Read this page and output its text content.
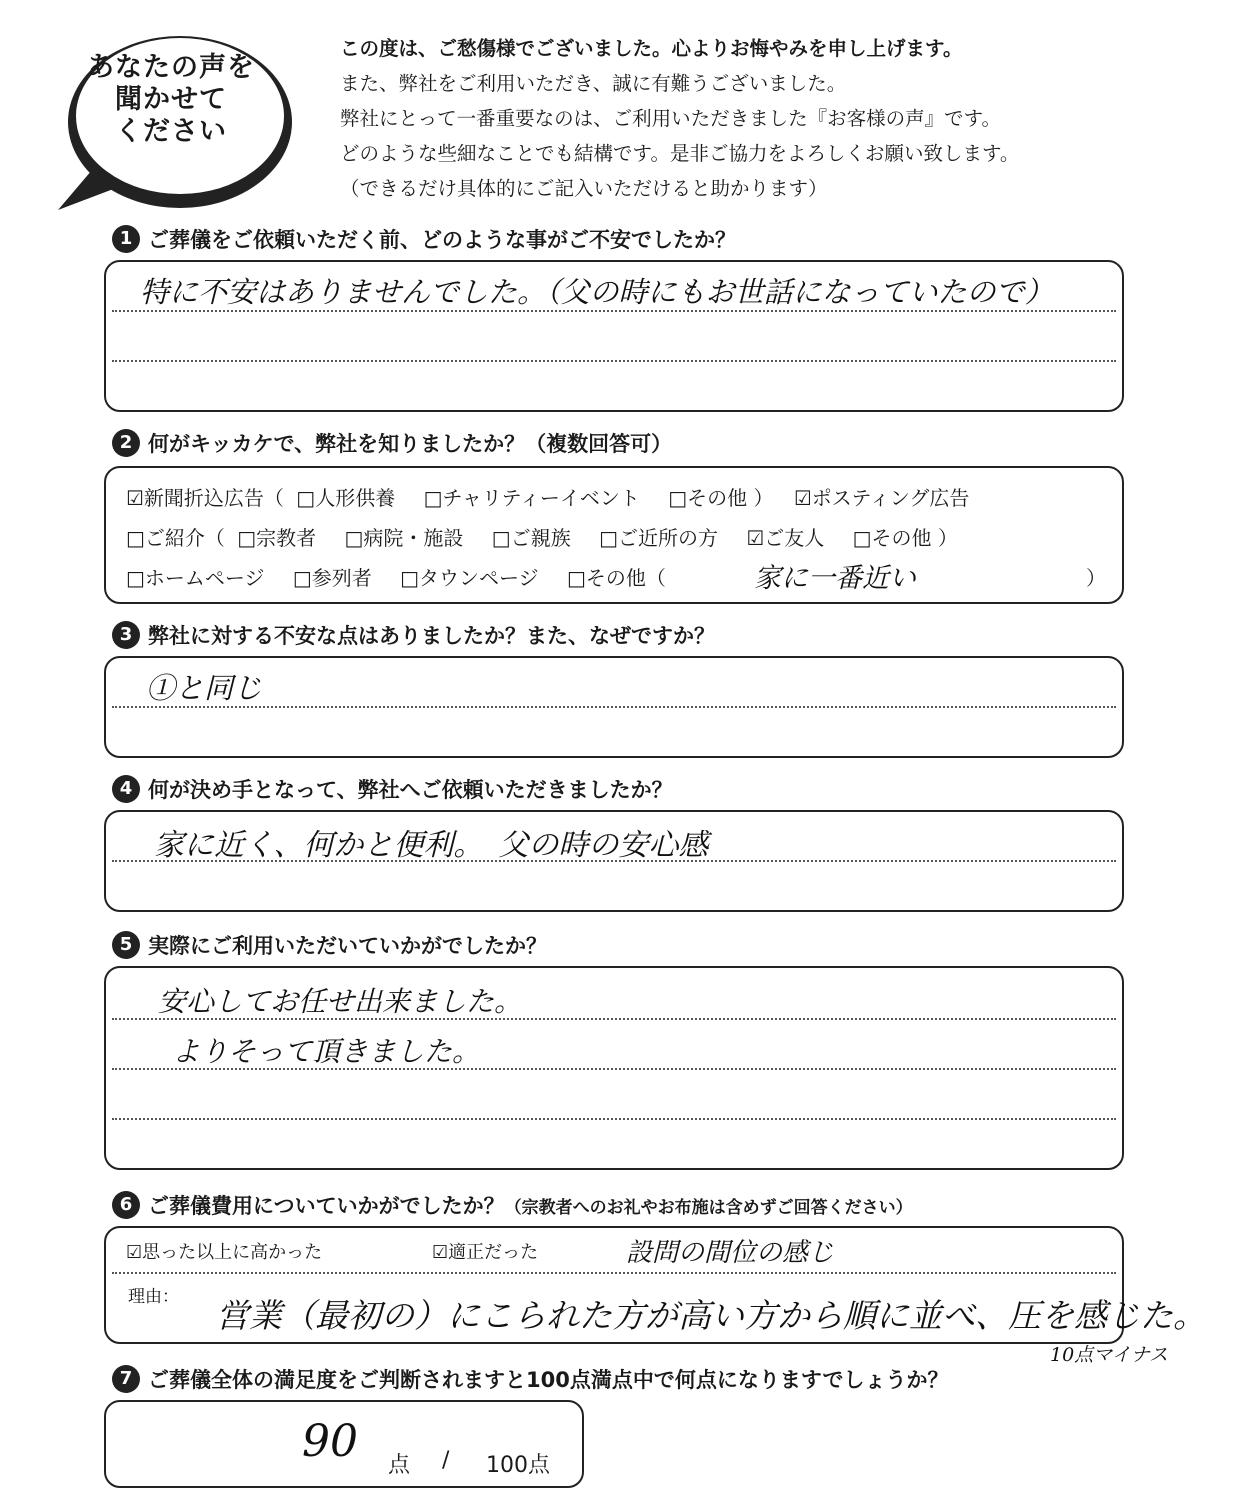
あなたの声を
聞かせて
ください
この度は、ご愁傷様でございました。心よりお悔やみを申し上げます。
また、弊社をご利用いただき、誠に有難うございました。
弊社にとって一番重要なのは、ご利用いただきました『お客様の声』です。
どのような些細なことでも結構です。是非ご協力をよろしくお願い致します。
（できるだけ具体的にご記入いただけると助かります）
1 ご葬儀をご依頼いただく前、どのような事がご不安でしたか？
特に不安はありませんでした。（父の時にもお世話になっていたので）
2 何がキッカケで、弊社を知りましたか？（複数回答可）
☑新聞折込広告（ □人形供養 □チャリティーイベント □その他 ） ☑ポスティング広告
□ご紹介（ □宗教者 □病院・施設 □ご親族 □ご近所の方 ☑ご友人 □その他 ）
□ホームページ □参列者 □タウンページ □その他（	家に一番近い	）
3 弊社に対する不安な点はありましたか？また、なぜですか？
①と同じ
4 何が決め手となって、弊社へご依頼いただきましたか？
家に近く、何かと便利。　父の時の安心感
5 実際にご利用いただいていかがでしたか？
安心してお任せ出来ました。
よりそって頂きました。
6 ご葬儀費用についていかがでしたか？（宗教者へのお礼やお布施は含めずご回答ください）
☑思った以上に高かった	☑適正だった	設問の間位の感じ
理由： 営業（最初の）にこられた方が高い方から順に並べ、圧を感じた。
10点マイナス
7 ご葬儀全体の満足度をご判断されますと100点満点中で何点になりますでしょうか？
90 点 / 100点
